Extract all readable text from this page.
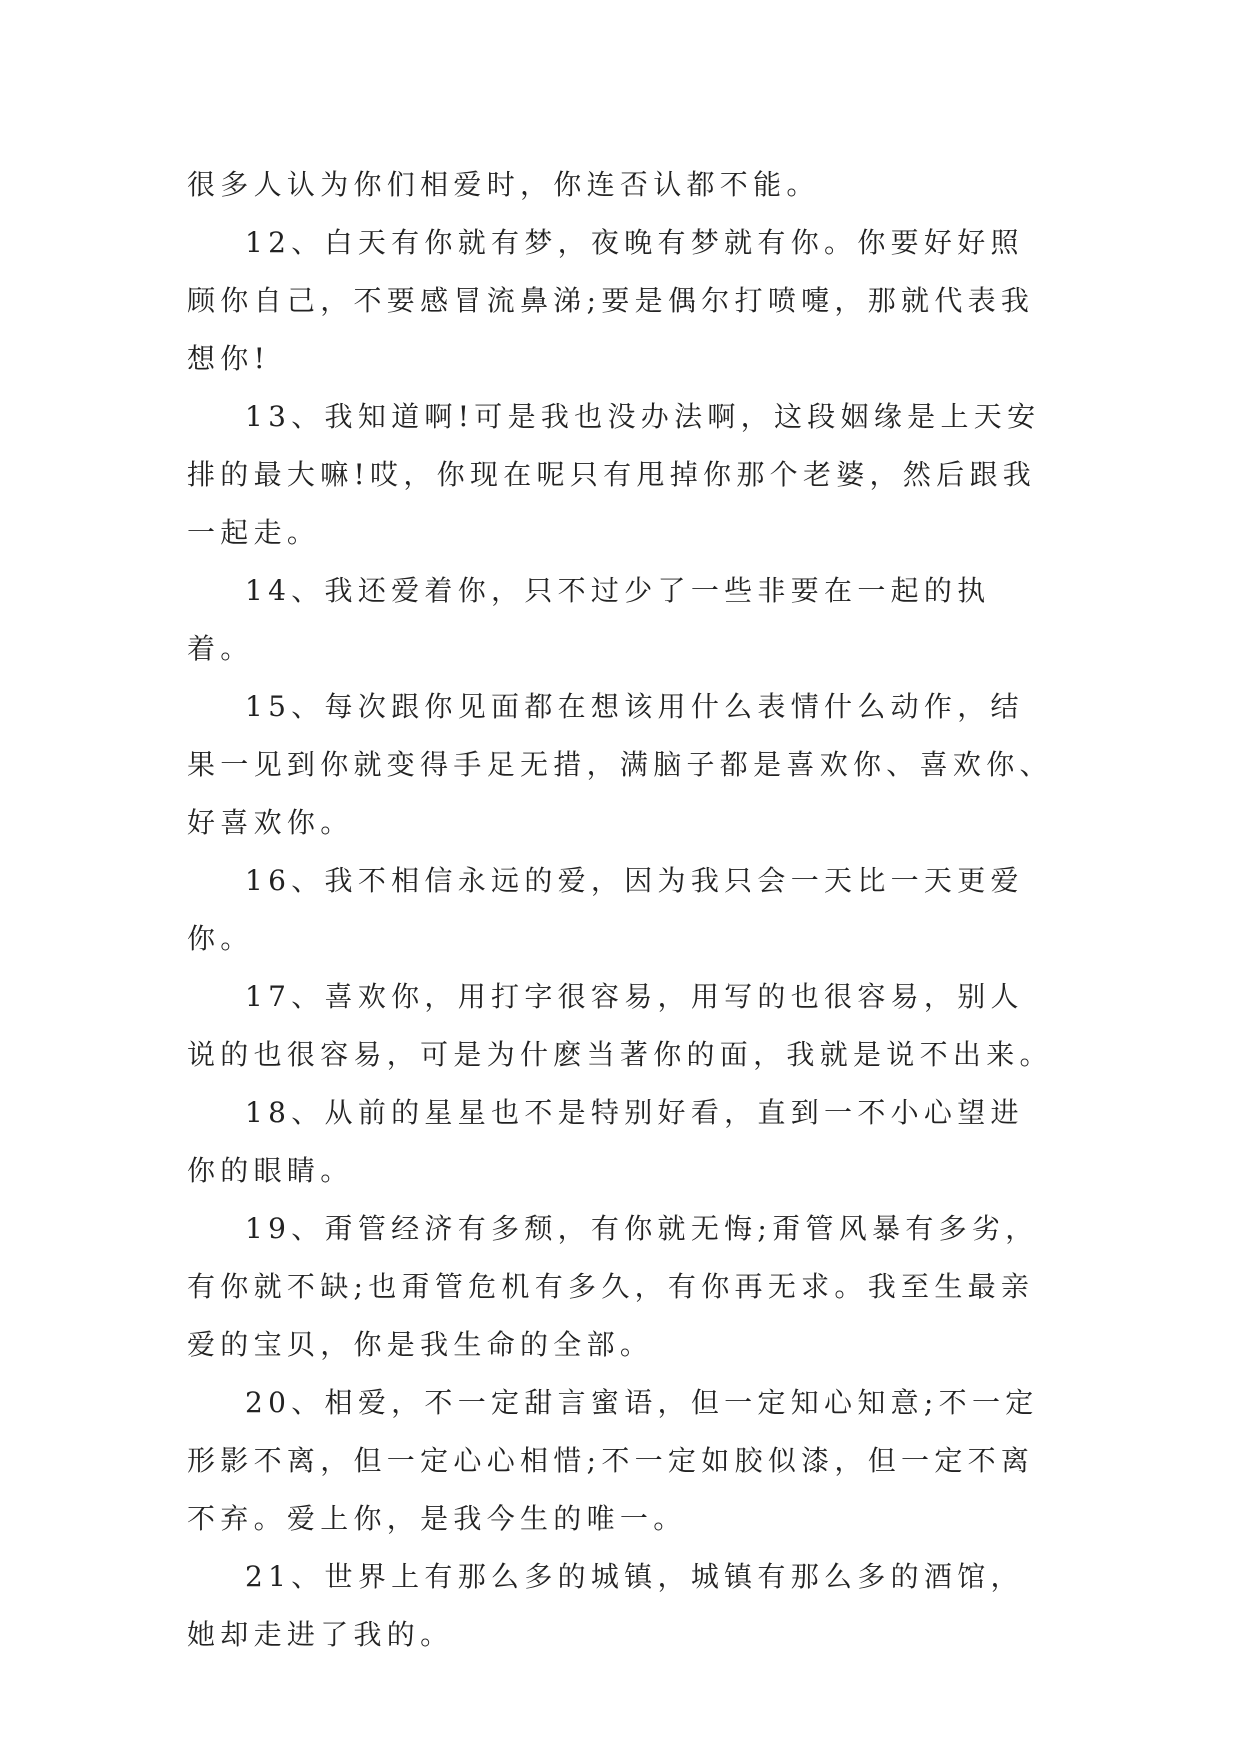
很多人认为你们相爱时，你连否认都不能。

12、白天有你就有梦，夜晚有梦就有你。你要好好照顾你自己，不要感冒流鼻涕;要是偶尔打喷嚏，那就代表我想你!

13、我知道啊!可是我也没办法啊，这段姻缘是上天安排的最大嘛!哎，你现在呢只有甩掉你那个老婆，然后跟我一起走。

14、我还爱着你，只不过少了一些非要在一起的执着。

15、每次跟你见面都在想该用什么表情什么动作，结果一见到你就变得手足无措，满脑子都是喜欢你、喜欢你、好喜欢你。

16、我不相信永远的爱，因为我只会一天比一天更爱你。

17、喜欢你，用打字很容易，用写的也很容易，别人说的也很容易，可是为什麽当著你的面，我就是说不出来。

18、从前的星星也不是特别好看，直到一不小心望进你的眼睛。

19、甭管经济有多颓，有你就无悔;甭管风暴有多劣，有你就不缺;也甭管危机有多久，有你再无求。我至生最亲爱的宝贝，你是我生命的全部。

20、相爱，不一定甜言蜜语，但一定知心知意;不一定形影不离，但一定心心相惜;不一定如胶似漆，但一定不离不弃。爱上你，是我今生的唯一。

21、世界上有那么多的城镇，城镇有那么多的酒馆，她却走进了我的。
